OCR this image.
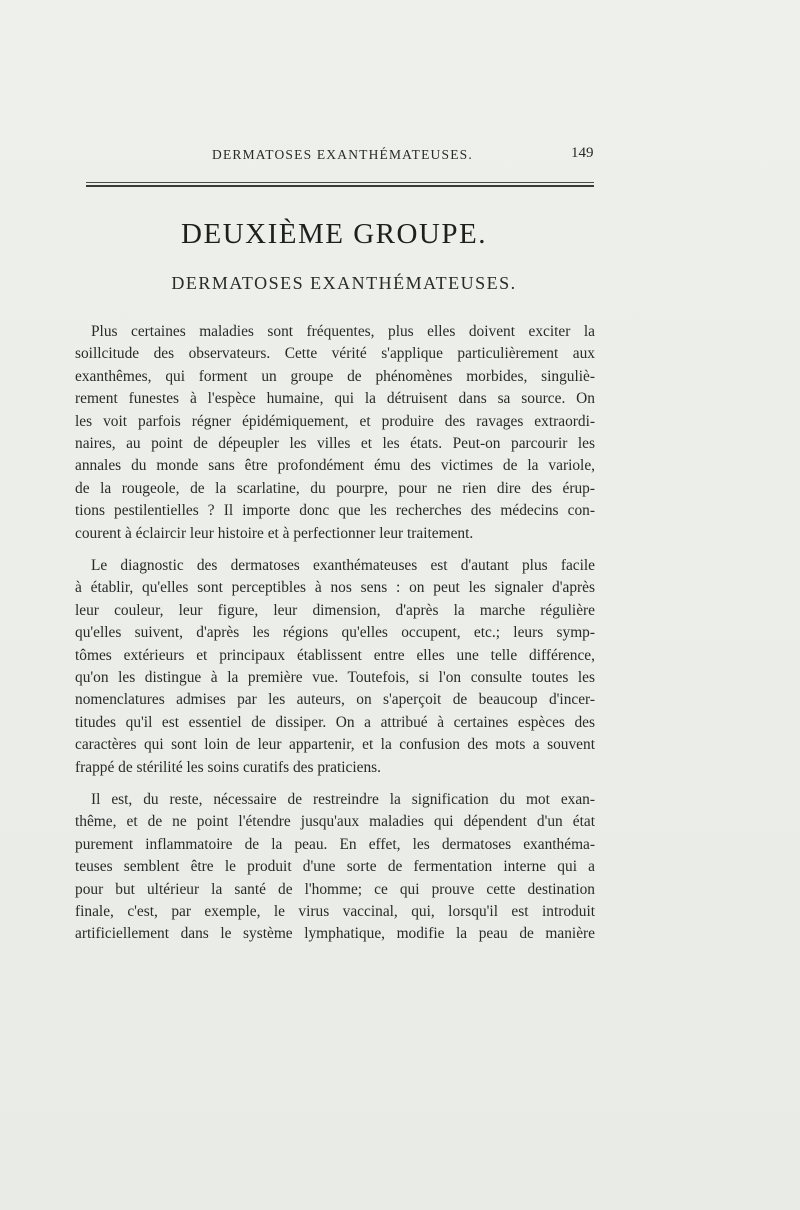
DERMATOSES EXANTHÉMATEUSES.	149
DEUXIÈME GROUPE.
DERMATOSES EXANTHÉMATEUSES.
Plus certaines maladies sont fréquentes, plus elles doivent exciter la
soillcitude des observateurs. Cette vérité s'applique particulièrement aux
exanthêmes, qui forment un groupe de phénomènes morbides, singuliè-
rement funestes à l'espèce humaine, qui la détruisent dans sa source. On
les voit parfois régner épidémiquement, et produire des ravages extraordi-
naires, au point de dépeupler les villes et les états. Peut-on parcourir les
annales du monde sans être profondément ému des victimes de la variole,
de la rougeole, de la scarlatine, du pourpre, pour ne rien dire des érup-
tions pestilentielles ? Il importe donc que les recherches des médecins con-
courent à éclaircir leur histoire et à perfectionner leur traitement.
Le diagnostic des dermatoses exanthémateuses est d'autant plus facile
à établir, qu'elles sont perceptibles à nos sens : on peut les signaler d'après
leur couleur, leur figure, leur dimension, d'après la marche régulière
qu'elles suivent, d'après les régions qu'elles occupent, etc.; leurs symp-
tômes extérieurs et principaux établissent entre elles une telle différence,
qu'on les distingue à la première vue. Toutefois, si l'on consulte toutes les
nomenclatures admises par les auteurs, on s'aperçoit de beaucoup d'incer-
titudes qu'il est essentiel de dissiper. On a attribué à certaines espèces des
caractères qui sont loin de leur appartenir, et la confusion des mots a souvent
frappé de stérilité les soins curatifs des praticiens.
Il est, du reste, nécessaire de restreindre la signification du mot exan-
thême, et de ne point l'étendre jusqu'aux maladies qui dépendent d'un état
purement inflammatoire de la peau. En effet, les dermatoses exanthéma-
teuses semblent être le produit d'une sorte de fermentation interne qui a
pour but ultérieur la santé de l'homme; ce qui prouve cette destination
finale, c'est, par exemple, le virus vaccinal, qui, lorsqu'il est introduit
artificiellement dans le système lymphatique, modifie la peau de manière
